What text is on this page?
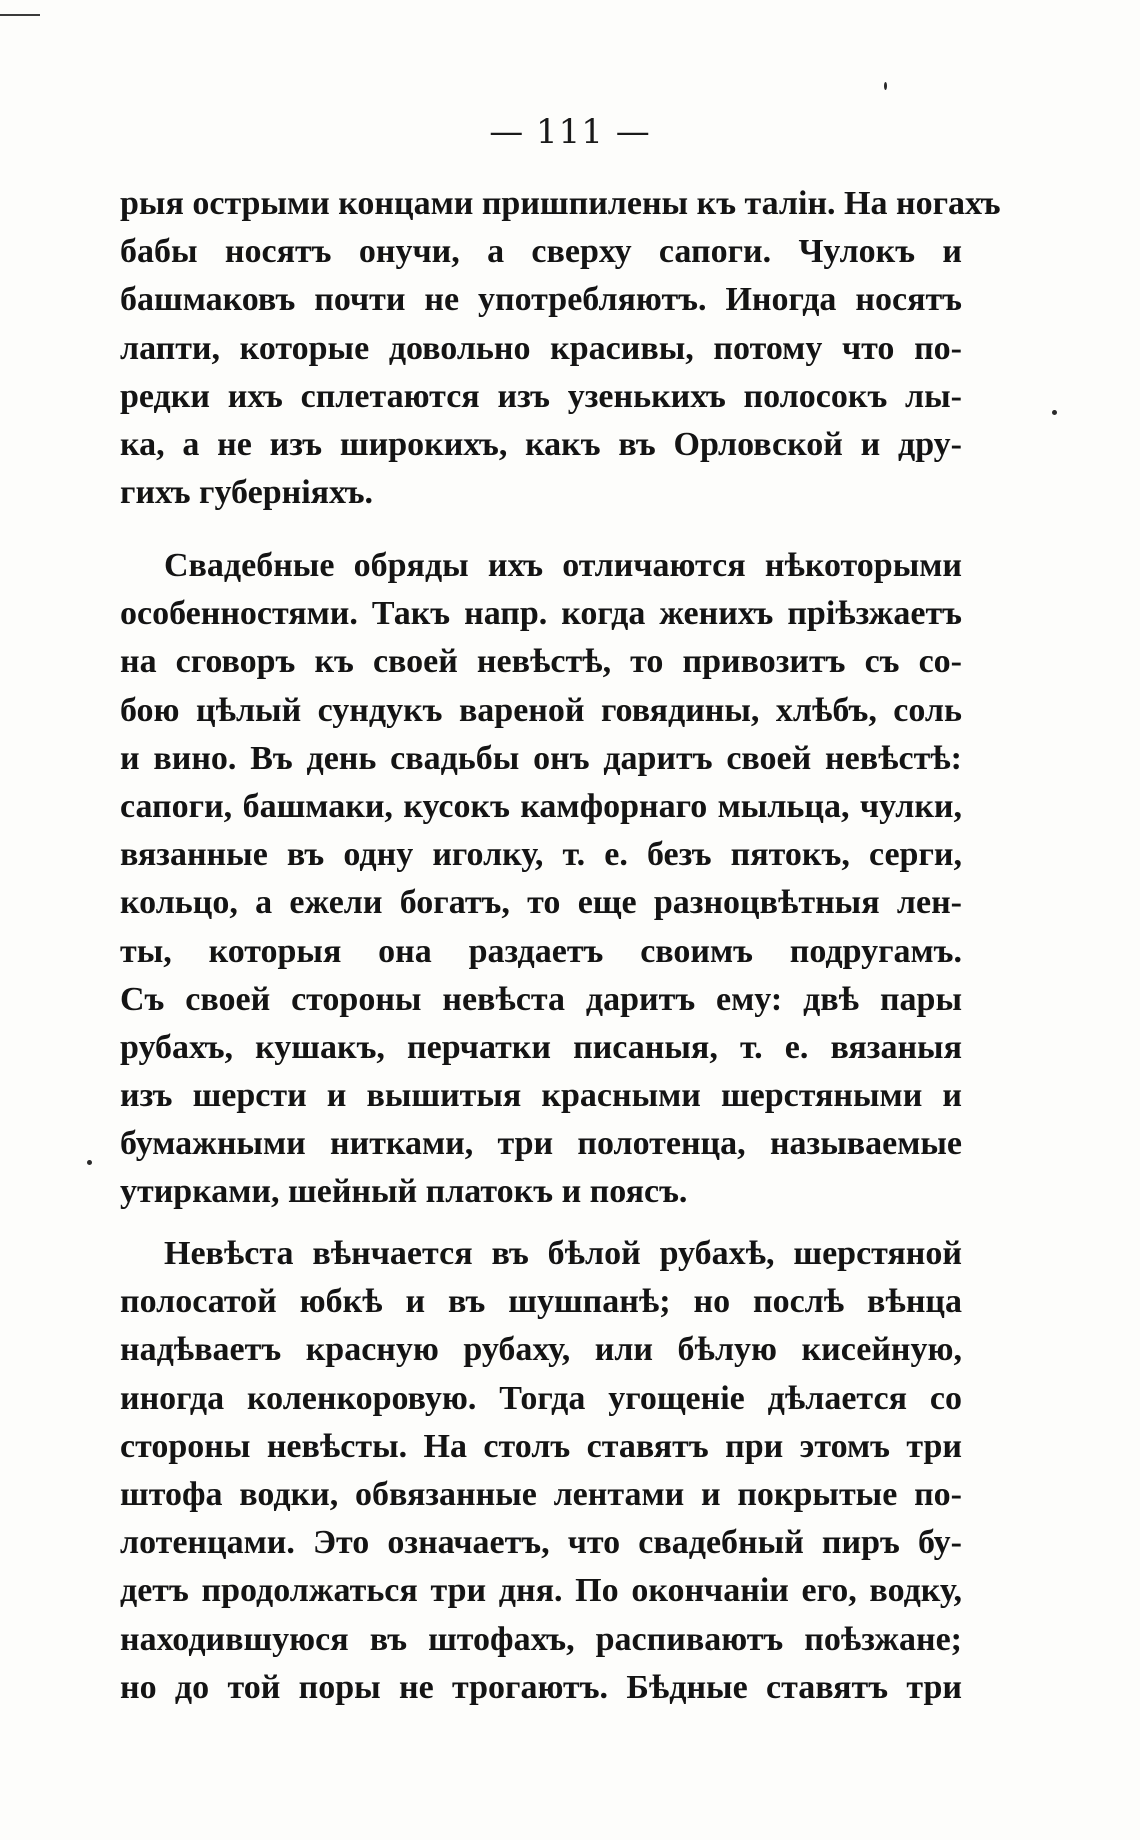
— 111 —
рыя острыми концами пришпилены къ талін. На ногахъ
бабы носятъ онучи, а сверху сапоги. Чулокъ и
башмаковъ почти не употребляютъ. Иногда носятъ
лапти, которые довольно красивы, потому что по-
редки ихъ сплетаются изъ узенькихъ полосокъ лы-
ка, а не изъ широкихъ, какъ въ Орловской и дру-
гихъ губерніяхъ.
Свадебные обряды ихъ отличаются нѣкоторыми
особенностями. Такъ напр. когда женихъ пріѣзжаетъ
на сговоръ къ своей невѣстѣ, то привозитъ съ со-
бою цѣлый сундукъ вареной говядины, хлѣбъ, соль
и вино. Въ день свадьбы онъ даритъ своей невѣстѣ:
сапоги, башмаки, кусокъ камфорнаго мыльца, чулки,
вязанные въ одну иголку, т. е. безъ пятокъ, серги,
кольцо, а ежели богатъ, то еще разноцвѣтныя лен-
ты, которыя она раздаетъ своимъ подругамъ.
Съ своей стороны невѣста даритъ ему: двѣ пары
рубахъ, кушакъ, перчатки писаныя, т. е. вязаныя
изъ шерсти и вышитыя красными шерстяными и
бумажными нитками, три полотенца, называемые
утирками, шейный платокъ и поясъ.
Невѣста вѣнчается въ бѣлой рубахѣ, шерстяной
полосатой юбкѣ и въ шушпанѣ; но послѣ вѣнца
надѣваетъ красную рубаху, или бѣлую кисейную,
иногда коленкоровую. Тогда угощеніе дѣлается со
стороны невѣсты. На столъ ставятъ при этомъ три
штофа водки, обвязанные лентами и покрытые по-
лотенцами. Это означаетъ, что свадебный пиръ бу-
детъ продолжаться три дня. По окончаніи его, водку,
находившуюся въ штофахъ, распиваютъ поѣзжане;
но до той поры не трогаютъ. Бѣдные ставятъ три
